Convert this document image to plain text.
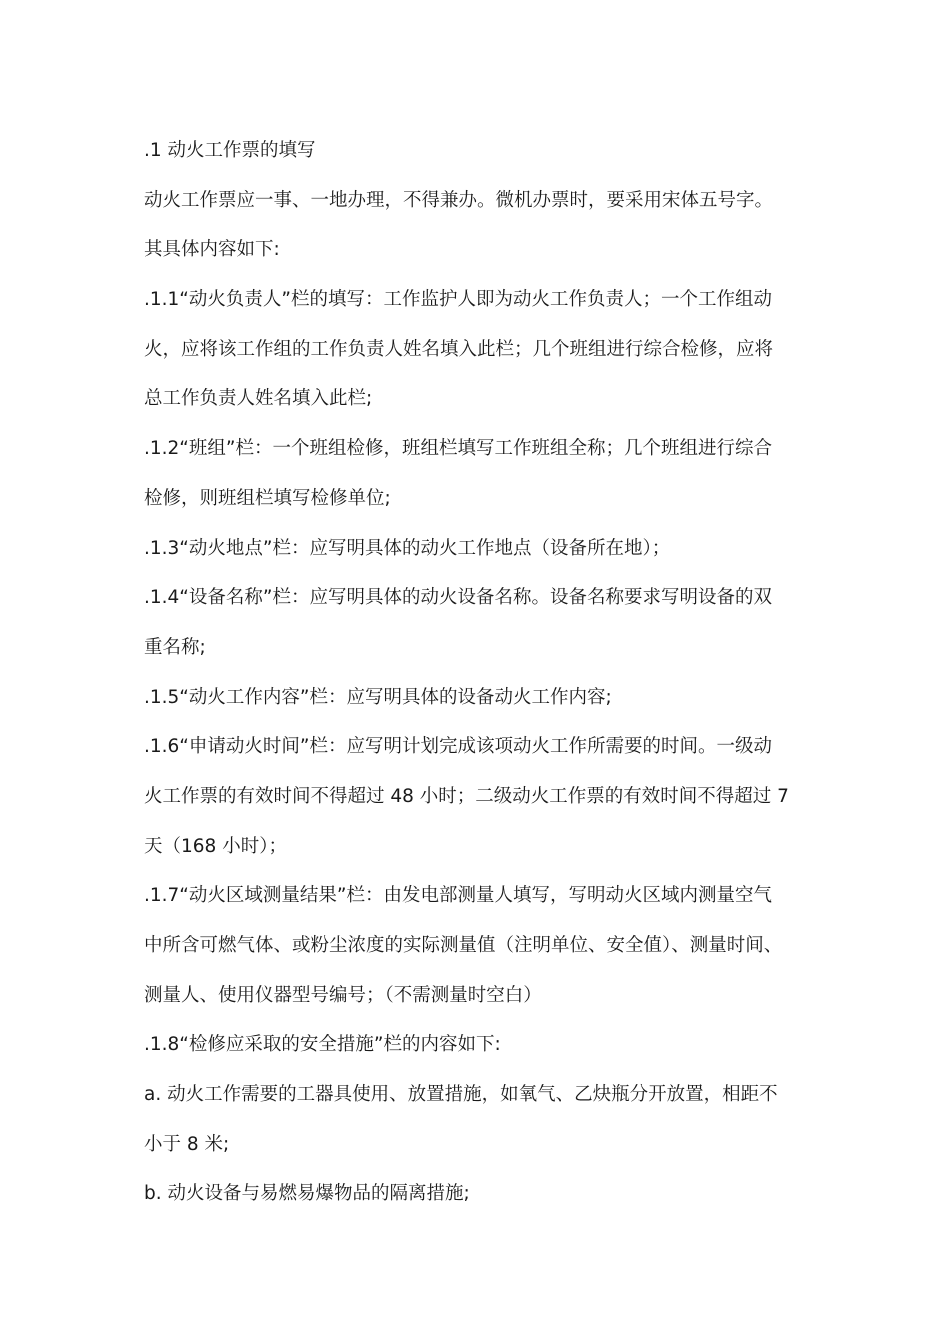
.1 动火工作票的填写
动火工作票应一事、一地办理，不得兼办。微机办票时，要采用宋体五号字。
其具体内容如下:
.1.1“动火负责人”栏的填写：工作监护人即为动火工作负责人；一个工作组动
火，应将该工作组的工作负责人姓名填入此栏；几个班组进行综合检修，应将
总工作负责人姓名填入此栏;
.1.2“班组”栏：一个班组检修，班组栏填写工作班组全称；几个班组进行综合
检修，则班组栏填写检修单位;
.1.3“动火地点”栏：应写明具体的动火工作地点（设备所在地）；
.1.4“设备名称”栏：应写明具体的动火设备名称。设备名称要求写明设备的双
重名称;
.1.5“动火工作内容”栏：应写明具体的设备动火工作内容;
.1.6“申请动火时间”栏：应写明计划完成该项动火工作所需要的时间。一级动
火工作票的有效时间不得超过 48 小时；二级动火工作票的有效时间不得超过 7
天（168 小时）；
.1.7“动火区域测量结果”栏：由发电部测量人填写，写明动火区域内测量空气
中所含可燃气体、或粉尘浓度的实际测量值（注明单位、安全值）、测量时间、
测量人、使用仪器型号编号；（不需测量时空白）
.1.8“检修应采取的安全措施”栏的内容如下:
a. 动火工作需要的工器具使用、放置措施，如氧气、乙炔瓶分开放置，相距不
小于 8 米;
b. 动火设备与易燃易爆物品的隔离措施;
